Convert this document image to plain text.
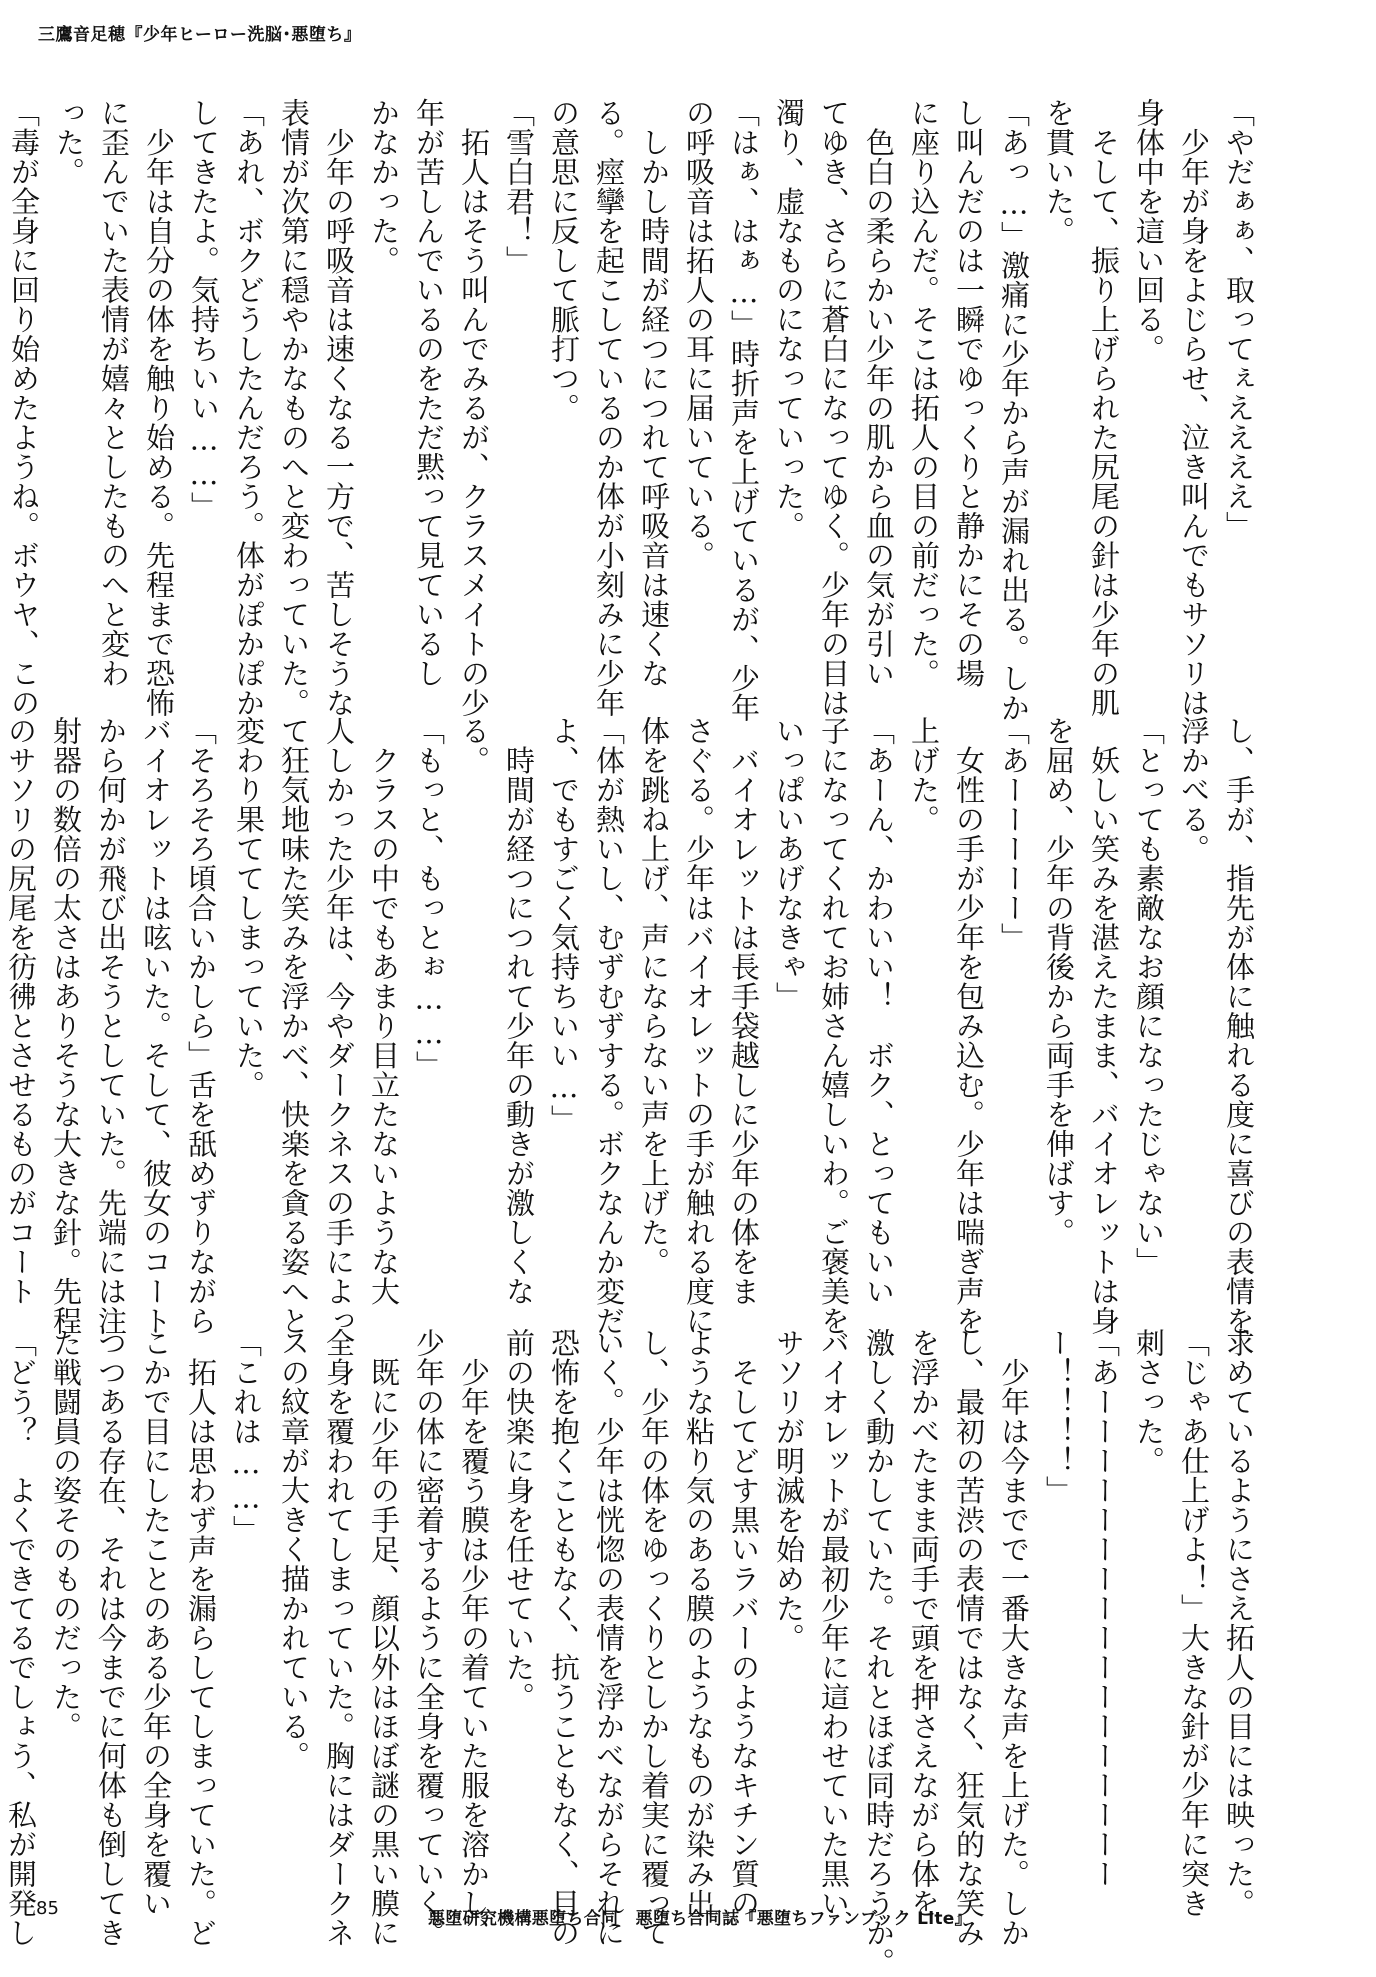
三鷹音足穂『少年ヒーロー洗脳･悪堕ち』
「やだぁぁ、取ってぇええええ」
　少年が身をよじらせ、泣き叫んでもサソリは
身体中を這い回る。
　そして、振り上げられた尻尾の針は少年の肌
を貫いた。
「あっ…」激痛に少年から声が漏れ出る。しか
し叫んだのは一瞬でゆっくりと静かにその場
に座り込んだ。そこは拓人の目の前だった。
　色白の柔らかい少年の肌から血の気が引い
てゆき、さらに蒼白になってゆく。少年の目は
濁り、虚なものになっていった。
「はぁ、はぁ…」時折声を上げているが、少年
の呼吸音は拓人の耳に届いている。
　しかし時間が経つにつれて呼吸音は速くな
る。痙攣を起こしているのか体が小刻みに少年
の意思に反して脈打つ。
「雪白君！」
　拓人はそう叫んでみるが、クラスメイトの少
年が苦しんでいるのをただ黙って見ているし
かなかった。
　少年の呼吸音は速くなる一方で、苦しそうな
表情が次第に穏やかなものへと変わっていた。
「あれ、ボクどうしたんだろう。体がぽかぽか
してきたよ。気持ちいい……」
　少年は自分の体を触り始める。先程まで恐怖
に歪んでいた表情が嬉々としたものへと変わ
った。
「毒が全身に回り始めたようね。ボウヤ、この
し、手が、指先が体に触れる度に喜びの表情を
浮かべる。
「とっても素敵なお顔になったじゃない」
　妖しい笑みを湛えたまま、バイオレットは身
を屈め、少年の背後から両手を伸ばす。
「あーーーーー」
　女性の手が少年を包み込む。少年は喘ぎ声を
上げた。
「あーん、かわいい！　ボク、とってもいい
子になってくれてお姉さん嬉しいわ。ご褒美を
いっぱいあげなきゃ」
　バイオレットは長手袋越しに少年の体をま
さぐる。少年はバイオレットの手が触れる度に
体を跳ね上げ、声にならない声を上げた。
「体が熱いし、むずむずする。ボクなんか変だ
よ、でもすごく気持ちいい…」
　時間が経つにつれて少年の動きが激しくな
る。
「もっと、もっとぉ……」
　クラスの中でもあまり目立たないような大
人しかった少年は、今やダークネスの手によっ
て狂気地味た笑みを浮かべ、快楽を貪る姿へと
変わり果ててしまっていた。
「そろそろ頃合いかしら」舌を舐めずりながら
バイオレットは呟いた。そして、彼女のコート
から何かが飛び出そうとしていた。先端には注
射器の数倍の太さはありそうな大きな針。先程
のサソリの尻尾を彷彿とさせるものがコート
求めているようにさえ拓人の目には映った。
「じゃあ仕上げよ！」大きな針が少年に突き
刺さった。
「あーーーーーーーーーーーーーーーーー
ー！！！！」
　少年は今までで一番大きな声を上げた。しか
し、最初の苦渋の表情ではなく、狂気的な笑み
を浮かべたまま両手で頭を押さえながら体を
激しく動かしていた。それとほぼ同時だろうか。
バイオレットが最初少年に這わせていた黒い
サソリが明滅を始めた。
　そしてどす黒いラバーのようなキチン質の
ような粘り気のある膜のようなものが染み出
し、少年の体をゆっくりとしかし着実に覆って
いく。少年は恍惚の表情を浮かべながらそれに
恐怖を抱くこともなく、抗うこともなく、目の
前の快楽に身を任せていた。
　少年を覆う膜は少年の着ていた服を溶かし、
少年の体に密着するように全身を覆っていく。
　既に少年の手足、顔以外はほぼ謎の黒い膜に
全身を覆われてしまっていた。胸にはダークネ
スの紋章が大きく描かれている。
「これは……」
　拓人は思わず声を漏らしてしまっていた。ど
こかで目にしたことのある少年の全身を覆い
つつある存在、それは今までに何体も倒してき
た戦闘員の姿そのものだった。
「どう？　よくできてるでしょう、私が開発し
85	悪堕研究機構悪堕ち合同　悪堕ち合同誌『悪堕ちファンブック Lite』
